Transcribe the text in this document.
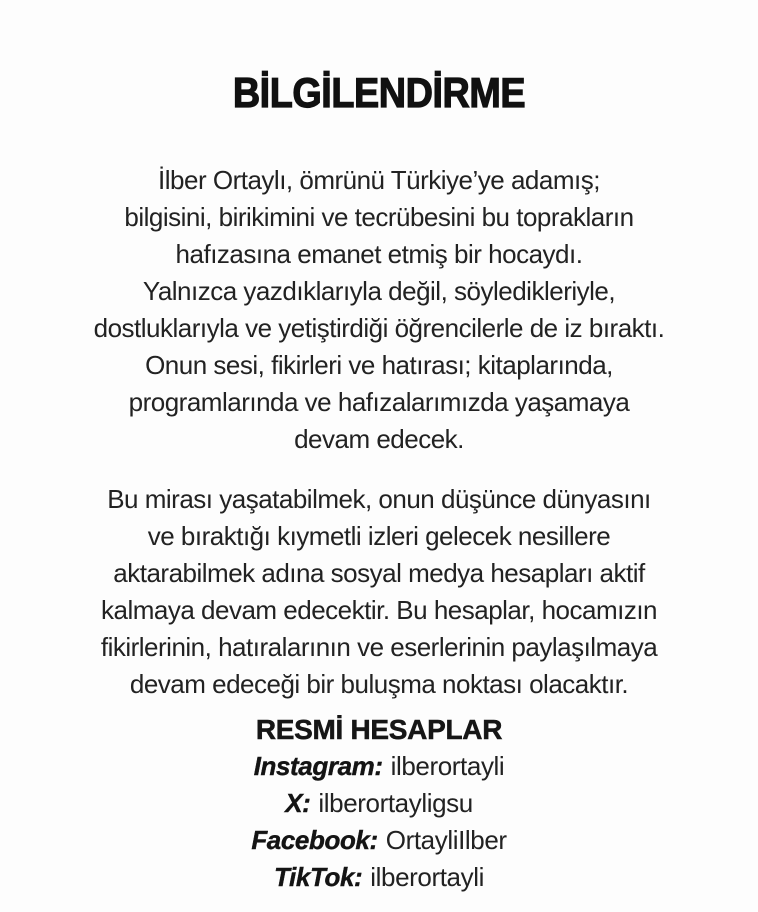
BİLGİLENDİRME
İlber Ortaylı, ömrünü Türkiye’ye adamış;
bilgisini, birikimini ve tecrübesini bu toprakların
hafızasına emanet etmiş bir hocaydı.
Yalnızca yazdıklarıyla değil, söyledikleriyle,
dostluklarıyla ve yetiştirdiği öğrencilerle de iz bıraktı.
Onun sesi, fikirleri ve hatırası; kitaplarında,
programlarında ve hafızalarımızda yaşamaya
devam edecek.
Bu mirası yaşatabilmek, onun düşünce dünyasını
ve bıraktığı kıymetli izleri gelecek nesillere
aktarabilmek adına sosyal medya hesapları aktif
kalmaya devam edecektir. Bu hesaplar, hocamızın
fikirlerinin, hatıralarının ve eserlerinin paylaşılmaya
devam edeceği bir buluşma noktası olacaktır.
RESMİ HESAPLAR
Instagram: ilberortayli
X: ilberortayligsu
Facebook: OrtayliIlber
TikTok: ilberortayli
